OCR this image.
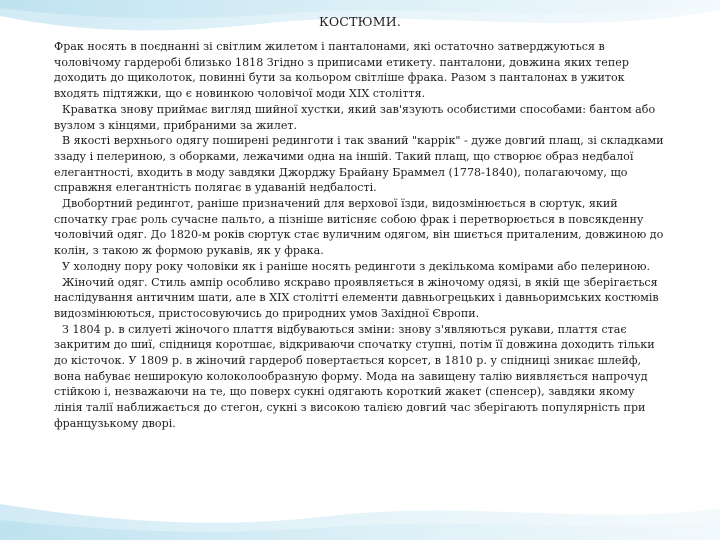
КОСТЮМИ.

Фрак носять в поєднанні зі світлим жилетом і панталонами, які остаточно затверджуються в чоловічому гардеробі близько 1818 Згідно з приписами етикету. панталони, довжина яких тепер доходить до щиколоток, повинні бути за кольором світліше фрака. Разом з панталонах в ужиток входять підтяжки, що є новинкою чоловічої моди XIX століття.

Краватка знову приймає вигляд шийної хустки, який зав'язують особистими способами: бантом або вузлом з кінцями, прибраними за жилет.

В якості верхнього одягу поширені рединготи і так званий "каррік" - дуже довгий плащ, зі складками ззаду і пелериною, з оборками, лежачими одна на іншій. Такий плащ, що створює образ недбалої елегантності, входить в моду завдяки Джорджу Брайану Браммел (1778-1840), полагаючому, що справжня елегантність полягає в удаваній недбалості.

Двобортний редингот, раніше призначений для верхової їзди, видозмінюється в сюртук, який спочатку грає роль сучасне пальто, а пізніше витісняє собою фрак і перетворюється в повсякденну чоловічий одяг. До 1820-м років сюртук стає вуличним одягом, він шиється приталеним, довжиною до колін, з такою ж формою рукавів, як у фрака.

У холодну пору року чоловіки як і раніше носять рединготи з декількома комірами або пелериною.

Жіночий одяг. Стиль ампір особливо яскраво проявляється в жіночому одязі, в якій ще зберігається наслідування античним шати, але в XIX столітті елементи давньогрецьких і давньоримських костюмів видозмінюються, пристосовуючись до природних умов Західної Європи.

З 1804 р. в силуеті жіночого плаття відбуваються зміни: знову з'являються рукави, плаття стає закритим до шиї, спідниця коротшає, відкриваючи спочатку ступні, потім її довжина доходить тільки до кісточок. У 1809 р. в жіночий гардероб повертається корсет, в 1810 р. у спідниці зникає шлейф, вона набуває неширокую колоколообразную форму. Мода на завищену талію виявляється напрочуд стійкою і, незважаючи на те, що поверх сукні одягають короткий жакет (спенсер), завдяки якому лінія талії наближається до стегон, сукні з високою талією довгий час зберігають популярність при французькому дворі.
